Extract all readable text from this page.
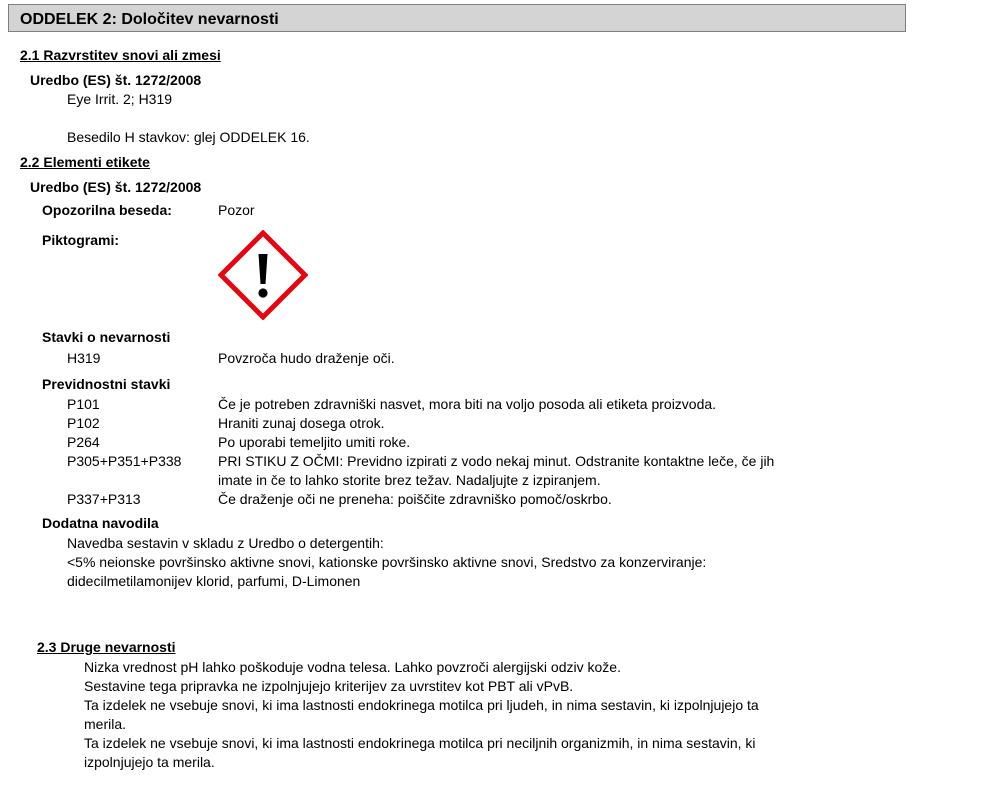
ODDELEK 2: Določitev nevarnosti
2.1 Razvrstitev snovi ali zmesi
Uredbo (ES) št. 1272/2008
Eye Irrit. 2; H319
Besedilo H stavkov: glej ODDELEK 16.
2.2 Elementi etikete
Uredbo (ES) št. 1272/2008
Opozorilna beseda:	Pozor
Piktogrami:
Stavki o nevarnosti
H319	Povzroča hudo draženje oči.
Previdnostni stavki
P101	Če je potreben zdravniški nasvet, mora biti na voljo posoda ali etiketa proizvoda.
P102	Hraniti zunaj dosega otrok.
P264	Po uporabi temeljito umiti roke.
P305+P351+P338	PRI STIKU Z OČMI: Previdno izpirati z vodo nekaj minut. Odstranite kontaktne leče, če jih
imate in če to lahko storite brez težav. Nadaljujte z izpiranjem.
P337+P313	Če draženje oči ne preneha: poiščite zdravniško pomoč/oskrbo.
Dodatna navodila
Navedba sestavin v skladu z Uredbo o detergentih:
<5% neionske površinsko aktivne snovi, kationske površinsko aktivne snovi, Sredstvo za konzerviranje:
didecilmetilamonijev klorid, parfumi, D-Limonen
2.3 Druge nevarnosti
Nizka vrednost pH lahko poškoduje vodna telesa. Lahko povzroči alergijski odziv kože.
Sestavine tega pripravka ne izpolnjujejo kriterijev za uvrstitev kot PBT ali vPvB.
Ta izdelek ne vsebuje snovi, ki ima lastnosti endokrinega motilca pri ljudeh, in nima sestavin, ki izpolnjujejo ta
merila.
Ta izdelek ne vsebuje snovi, ki ima lastnosti endokrinega motilca pri neciljnih organizmih, in nima sestavin, ki
izpolnjujejo ta merila.
